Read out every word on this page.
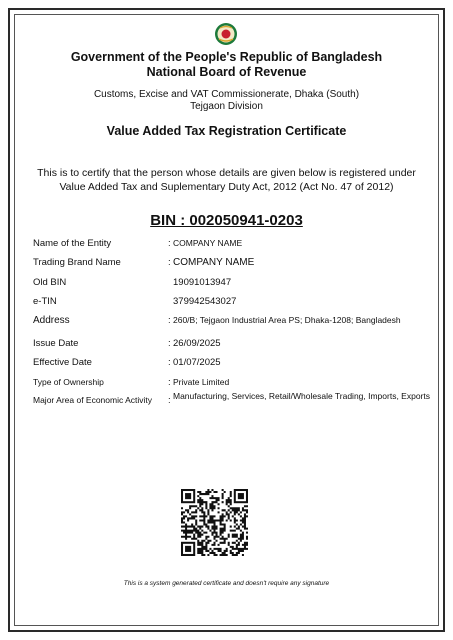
Government of the People's Republic of Bangladesh
National Board of Revenue
Customs, Excise and VAT Commissionerate, Dhaka (South)
Tejgaon Division
Value Added Tax Registration Certificate
This is to certify that the person whose details are given below is registered under
Value Added Tax and Suplementary Duty Act, 2012 (Act No. 47 of 2012)
BIN : 002050941-0203
Name of the Entity	: COMPANY NAME
Trading Brand Name	: COMPANY NAME
Old BIN	19091013947
e-TIN	379942543027
Address	: 260/B; Tejgaon Industrial Area PS; Dhaka-1208; Bangladesh
Issue Date	: 26/09/2025
Effective Date	: 01/07/2025
Type of Ownership	: Private Limited
Major Area of Economic Activity : Manufacturing, Services, Retail/Wholesale Trading, Imports, Exports
This is a system generated certificate and doesn't require any signature
